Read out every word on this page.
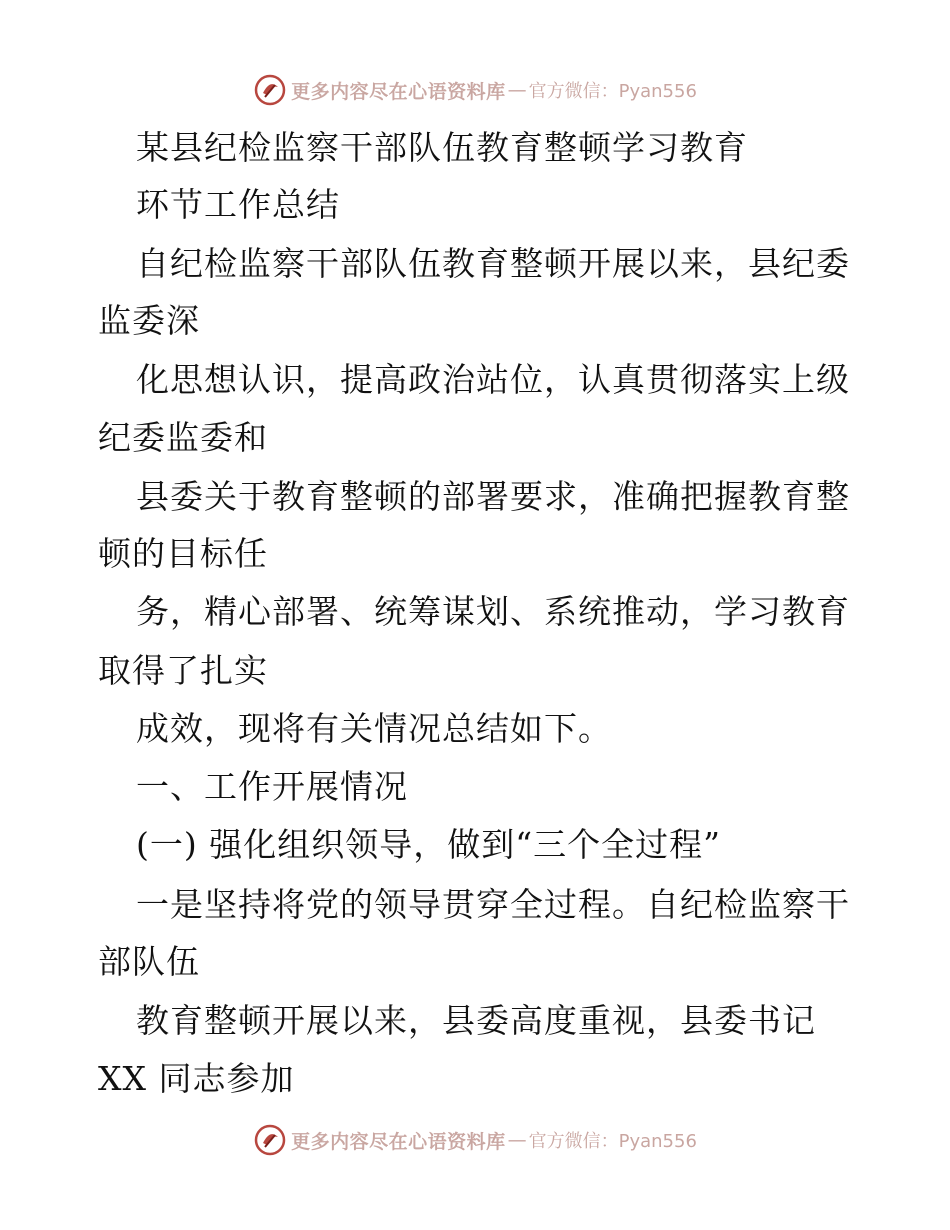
更多内容尽在心语资料库 — 官方微信：Pyan556
某县纪检监察干部队伍教育整顿学习教育
环节工作总结
自纪检监察干部队伍教育整顿开展以来，县纪委
监委深
化思想认识，提高政治站位，认真贯彻落实上级
纪委监委和
县委关于教育整顿的部署要求，准确把握教育整
顿的目标任
务，精心部署、统筹谋划、系统推动，学习教育
取得了扎实
成效，现将有关情况总结如下。
一、工作开展情况
(一) 强化组织领导，做到“三个全过程”
一是坚持将党的领导贯穿全过程。自纪检监察干
部队伍
教育整顿开展以来，县委高度重视，县委书记
XX 同志参加
更多内容尽在心语资料库 — 官方微信：Pyan556
